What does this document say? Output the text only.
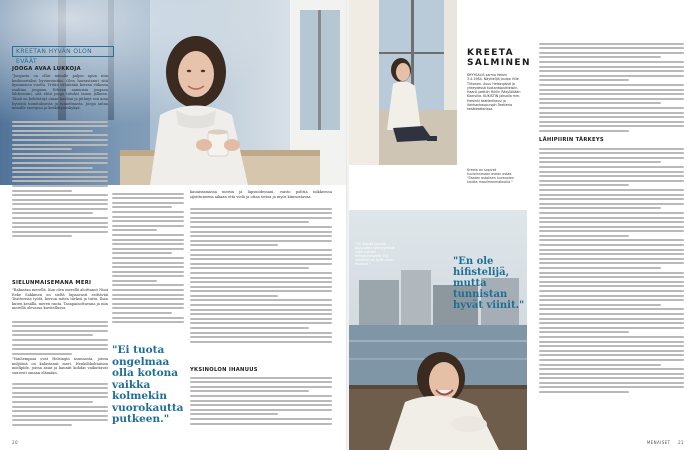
KREETAN HYVÄN OLON EVÄÄT
JOOGA AVAA LUKKOJA

"Joogasta on ollut minulle paljon apua niin keskivartalon hyvinvointiin. Olen harrastanut sitä kymmenen vuotta. Yritän vähintään kerran viikossa asahtaa joogaan. Erheen aamuisin joogaan lähtiessäni, sitä ehtii jooga tutuksi tauon jälkeen. Tämä on kehittänyt oman kuuloni ja pitänyt sen aina hyvästä toimituksesta ja tunnelmasta. Jooga antaa minulle energiaa ja keskittymiskykyä.

SIELUNMAISEMANA MERI

"Rakastan merellä. Kun olen merellä aloittanut Nimi Eeke Sakkinen on sieltä lupaavasti esittävää Teatterista työtä, kerron miten tärkeä ja tuttu. Ihan kuten kesällä, meren ranta. Tasapainottavana ja niin merellä olevassa kuvitellussa.

"Vanhempani ovat Helsingin asunnosta, joissa miljöönä on kalastanut meri. Henkilökohtainen mielipide, joissa asiat ja kauniit kohdat vaikuttavat suuresti omaan elämään.

"Ei tuota ongelmaa olla kotona vaikka kolmekin vuorokautta putkeen."

kaunistamassa meriin ja lapsuudessani, vaisto polttia toikkeessa sijoittuneena aikaan että vielä ja ottaa tietoa ja myös kiinnostavaa.

YKSINOLON IHANUUS
20
KREETA SALMINEN
KRYYSALIS sarmo Helsin 3.4.1984. Näyttelijä Joulpo Ville Tiihonen. Asuu Helsingissä ja yhteydessä tuotantopuitteisiin. HaarA jaettiin Hiirlin Räsylöitään Kaarsilla. KUKISTIN jaksolla mm. Helsinki teatterikausi ja Vanhankaupungin Teatteria kesäteatterissa.
Kreeta on sopivat kuvioinnmaan asean ostaa. "Saatan ostoksen kuvausten kautta maailmanmatkoilla."
"Oli ihanaa nauttia lapsuuden tyhmyydestä sekä huivien metsästyksestä. Ero nimittäin on kyllä aivan mukava."	"En ole hifistelijä, mutta tunnistan hyvät viinit."
LÄHIPIIRIN TÄRKEYS
MENAISET 21
